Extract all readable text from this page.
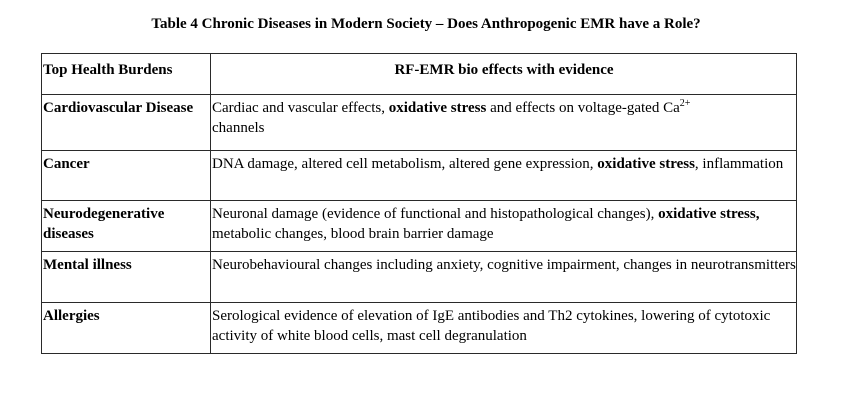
Table 4 Chronic Diseases in Modern Society – Does Anthropogenic EMR have a Role?
Top Health Burdens	RF-EMR bio effects with evidence
Cardiovascular Disease	Cardiac and vascular effects, oxidative stress and effects on voltage-gated $Ca^{2+}$
channels
Cancer	DNA damage, altered cell metabolism, altered gene expression, oxidative stress, inflammation
Neurodegenerative
diseases	Neuronal damage (evidence of functional and histopathological changes), oxidative stress, metabolic changes, blood brain barrier damage
Mental illness	Neurobehavioural changes including anxiety, cognitive impairment, changes in neurotransmitters
Allergies	Serological evidence of elevation of IgE antibodies and Th2 cytokines, lowering of cytotoxic activity of white blood cells, mast cell degranulation
